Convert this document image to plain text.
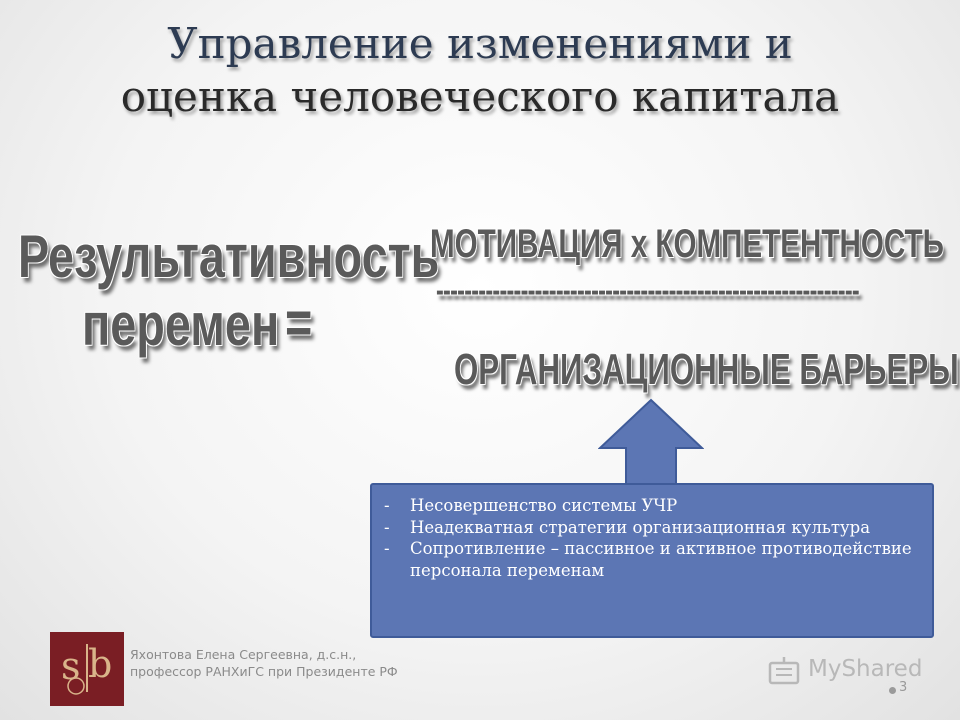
Управление изменениями и
оценка человеческого капитала
Результативность
перемен =
МОТИВАЦИЯ х КОМПЕТЕНТНОСТЬ
------------------------------------------------------------
ОРГАНИЗАЦИОННЫЕ БАРЬЕРЫ
- Несовершенство системы УЧР
- Неадекватная стратегии организационная культура
- Сопротивление – пассивное и активное противодействие персонала переменам
s b Яхонтова Елена Сергеевна, д.с.н., профессор РАНХиГС при Президенте РФ	MyShared
3
